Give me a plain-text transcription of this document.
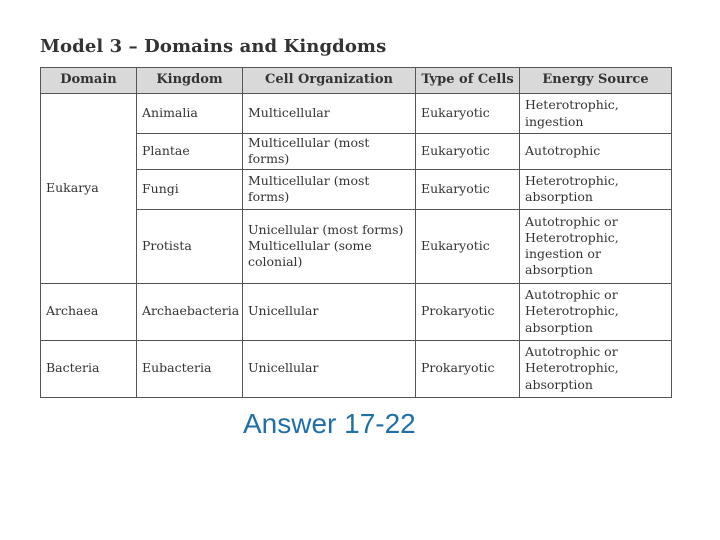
Model 3 – Domains and Kingdoms
Domain	Kingdom	Cell Organization	Type of Cells	Energy Source
Eukarya	Animalia	Multicellular	Eukaryotic	Heterotrophic,
ingestion
	Plantae	Multicellular (most forms)	Eukaryotic	Autotrophic
	Fungi	Multicellular (most forms)	Eukaryotic	Heterotrophic,
absorption
	Protista	Unicellular (most forms)
Multicellular (some
colonial)	Eukaryotic	Autotrophic or
Heterotrophic,
ingestion or
absorption
Archaea	Archaebacteria	Unicellular	Prokaryotic	Autotrophic or
Heterotrophic,
absorption
Bacteria	Eubacteria	Unicellular	Prokaryotic	Autotrophic or
Heterotrophic,
absorption
Answer 17-22
